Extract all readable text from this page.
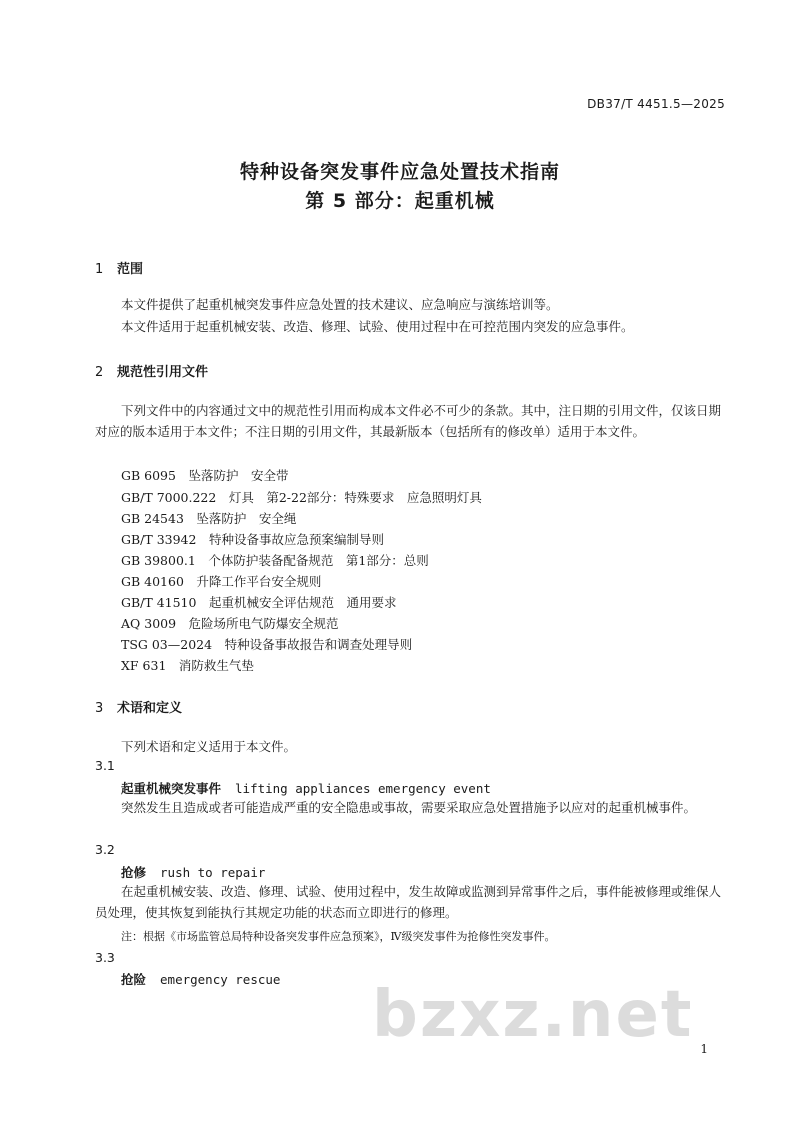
DB37/T 4451.5—2025
特种设备突发事件应急处置技术指南
第 5 部分：起重机械
1 范围
本文件提供了起重机械突发事件应急处置的技术建议、应急响应与演练培训等。
本文件适用于起重机械安装、改造、修理、试验、使用过程中在可控范围内突发的应急事件。
2 规范性引用文件
下列文件中的内容通过文中的规范性引用而构成本文件必不可少的条款。其中，注日期的引用文件，仅该日期对应的版本适用于本文件；不注日期的引用文件，其最新版本（包括所有的修改单）适用于本文件。
GB 6095　坠落防护　安全带
GB/T 7000.222　灯具　第2-22部分：特殊要求　应急照明灯具
GB 24543　坠落防护　安全绳
GB/T 33942　特种设备事故应急预案编制导则
GB 39800.1　个体防护装备配备规范　第1部分：总则
GB 40160　升降工作平台安全规则
GB/T 41510　起重机械安全评估规范　通用要求
AQ 3009　危险场所电气防爆安全规范
TSG 03—2024　特种设备事故报告和调查处理导则
XF 631　消防救生气垫
3 术语和定义
下列术语和定义适用于本文件。
3.1
起重机械突发事件 lifting appliances emergency event
突然发生且造成或者可能造成严重的安全隐患或事故，需要采取应急处置措施予以应对的起重机械事件。
3.2
抢修 rush to repair
在起重机械安装、改造、修理、试验、使用过程中，发生故障或监测到异常事件之后，事件能被修理或维保人员处理，使其恢复到能执行其规定功能的状态而立即进行的修理。
注：根据《市场监管总局特种设备突发事件应急预案》，Ⅳ级突发事件为抢修性突发事件。
3.3
抢险 emergency rescue bzxz.net 1
